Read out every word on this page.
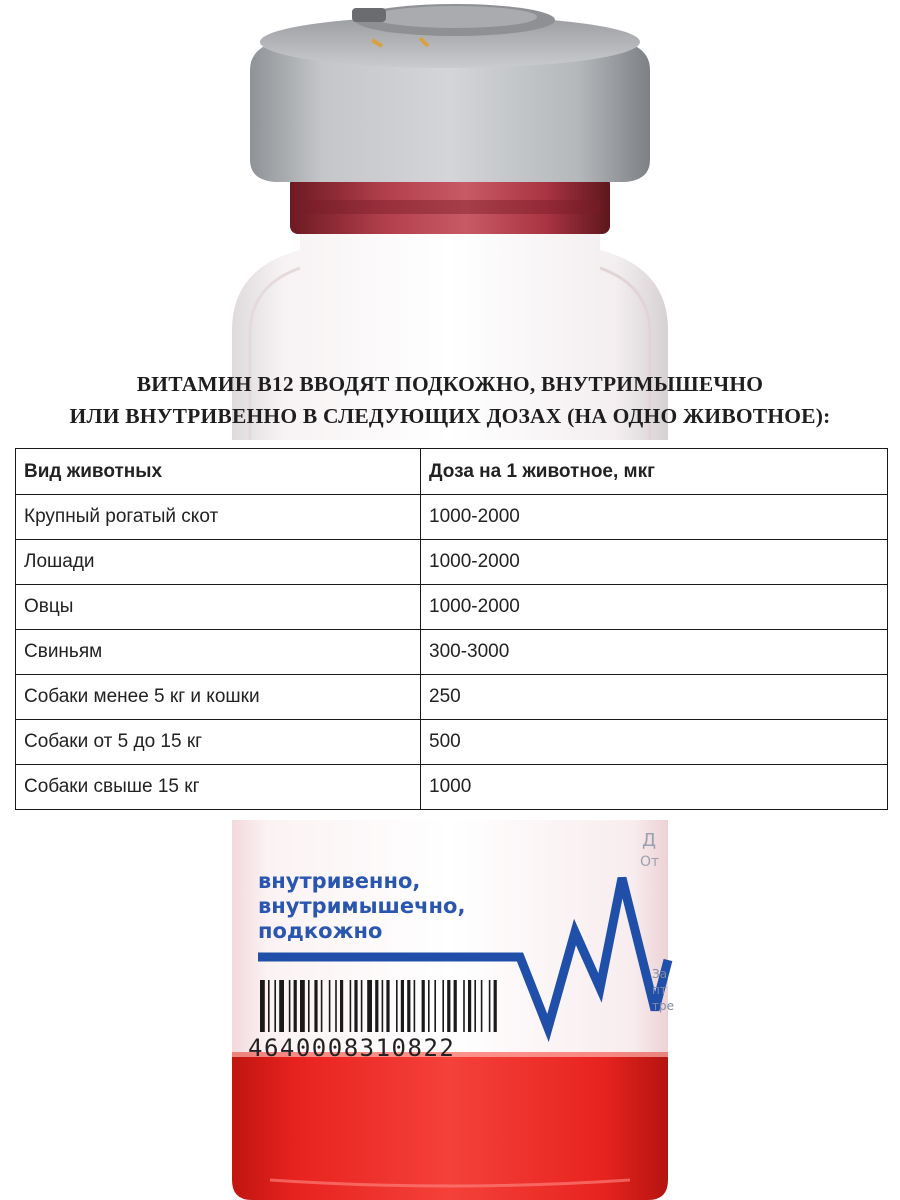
ВИТАМИН В12 ВВОДЯТ ПОДКОЖНО, ВНУТРИМЫШЕЧНО
ИЛИ ВНУТРИВЕННО В СЛЕДУЮЩИХ ДОЗАХ (НА ОДНО ЖИВОТНОЕ):
Вид животных	Доза на 1 животное, мкг
Крупный рогатый скот	1000-2000
Лошади	1000-2000
Овцы	1000-2000
Свиньям	300-3000
Собаки менее 5 кг и кошки	250
Собаки от 5 до 15 кг	500
Собаки свыше 15 кг	1000
внутривенно,
внутримышечно,
подкожно
Д
От
За
пт
тре
4640008310822
